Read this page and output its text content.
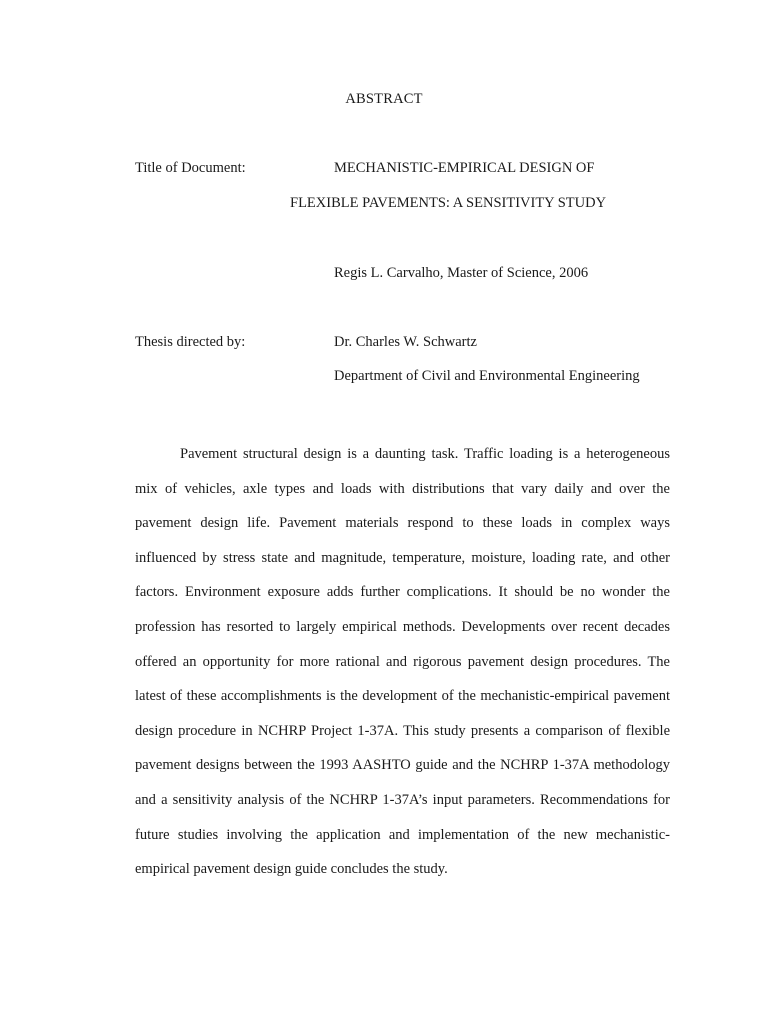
ABSTRACT
Title of Document:	MECHANISTIC-EMPIRICAL DESIGN OF
FLEXIBLE PAVEMENTS: A SENSITIVITY STUDY
Regis L. Carvalho, Master of Science, 2006
Thesis directed by:	Dr. Charles W. Schwartz
Department of Civil and Environmental Engineering

Pavement structural design is a daunting task. Traffic loading is a heterogeneous mix of vehicles, axle types and loads with distributions that vary daily and over the pavement design life. Pavement materials respond to these loads in complex ways influenced by stress state and magnitude, temperature, moisture, loading rate, and other factors. Environment exposure adds further complications. It should be no wonder the profession has resorted to largely empirical methods. Developments over recent decades offered an opportunity for more rational and rigorous pavement design procedures. The latest of these accomplishments is the development of the mechanistic-empirical pavement design procedure in NCHRP Project 1-37A. This study presents a comparison of flexible pavement designs between the 1993 AASHTO guide and the NCHRP 1-37A methodology and a sensitivity analysis of the NCHRP 1-37A’s input parameters. Recommendations for future studies involving the application and implementation of the new mechanistic-empirical pavement design guide concludes the study.
